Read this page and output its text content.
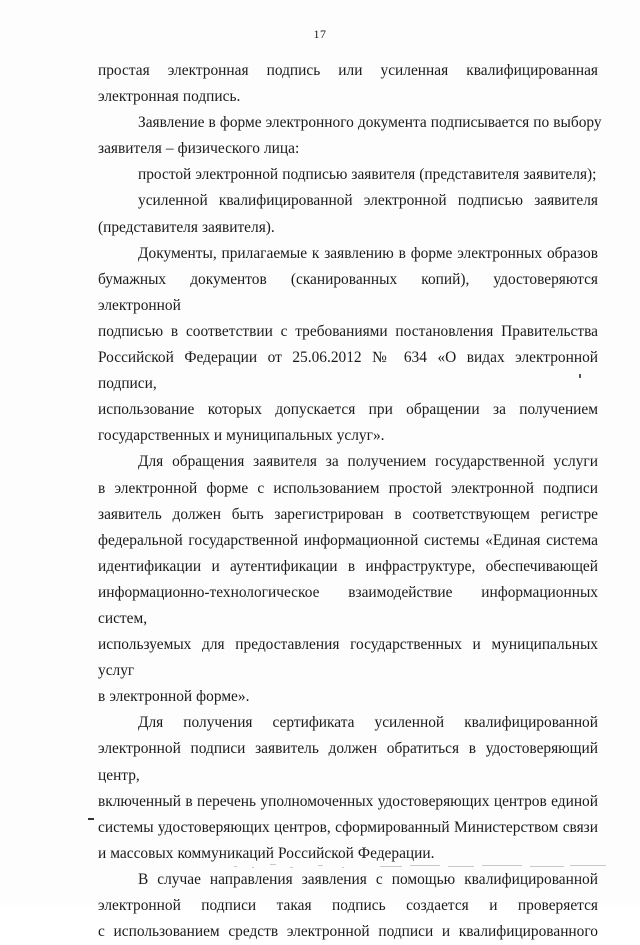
17
простая электронная подпись или усиленная квалифицированная
электронная подпись.
Заявление в форме электронного документа подписывается по выбору
заявителя – физического лица:
простой электронной подписью заявителя (представителя заявителя);
усиленной квалифицированной электронной подписью заявителя
(представителя заявителя).
Документы, прилагаемые к заявлению в форме электронных образов
бумажных документов (сканированных копий), удостоверяются электронной
подписью в соответствии с требованиями постановления Правительства
Российской Федерации от 25.06.2012 № 634 «О видах электронной подписи,
использование которых допускается при обращении за получением
государственных и муниципальных услуг».
Для обращения заявителя за получением государственной услуги
в электронной форме с использованием простой электронной подписи
заявитель должен быть зарегистрирован в соответствующем регистре
федеральной государственной информационной системы «Единая система
идентификации и аутентификации в инфраструктуре, обеспечивающей
информационно-технологическое взаимодействие информационных систем,
используемых для предоставления государственных и муниципальных услуг
в электронной форме».
Для получения сертификата усиленной квалифицированной
электронной подписи заявитель должен обратиться в удостоверяющий центр,
включенный в перечень уполномоченных удостоверяющих центров единой
системы удостоверяющих центров, сформированный Министерством связи
и массовых коммуникаций Российской Федерации.
В случае направления заявления с помощью квалифицированной
электронной подписи такая подпись создается и проверяется
с использованием средств электронной подписи и квалифицированного
